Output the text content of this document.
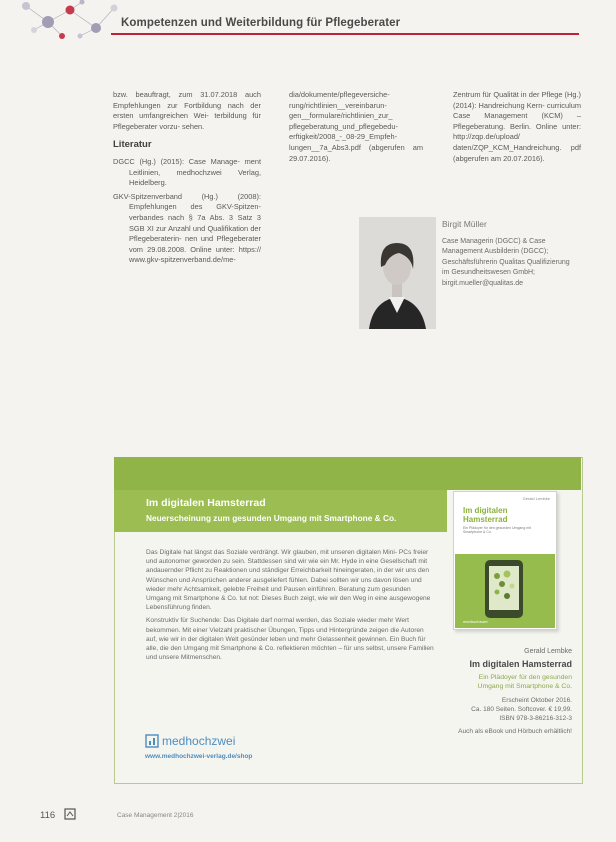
Kompetenzen und Weiterbildung für Pflegeberater

bzw. beauftragt, zum 31.07.2018 auch Empfehlungen zur Fortbildung nach der ersten umfangreichen Wei- terbildung für Pflegeberater vorzu- sehen.

Literatur

DGCC (Hg.) (2015): Case Manage- ment Leitlinien, medhochzwei Verlag, Heidelberg.

GKV-Spitzenverband (Hg.) (2008): Empfehlungen des GKV-Spitzen- verbandes nach § 7a Abs. 3 Satz 3 SGB XI zur Anzahl und Qualifikation der Pflegeberaterin- nen und Pflegeberater vom 29.08.2008. Online unter: https:// www.gkv-spitzenverband.de/me-

dia/dokumente/pflegeversiche- rung/richtlinien__vereinbarun- gen__formulare/richtlinien_zur_ pflegeberatung_und_pflegebedu- erftigkeit/2008_-_08-29_Empfeh- lungen__7a_Abs3.pdf (abgerufen am 29.07.2016).
Zentrum für Qualität in der Pflege (Hg.) (2014): Handreichung Kern- curriculum Case Management (KCM) – Pflegeberatung. Berlin. Online unter: http://zqp.de/upload/ daten/ZQP_KCM_Handreichung. pdf (abgerufen am 20.07.2016).
Birgit Müller
Case Managerin (DGCC) & Case
Management Ausbilderin (DGCC);
Geschäftsführerin Qualitas Qualifizierung
im Gesundheitswesen GmbH;
birgit.mueller@qualitas.de
Im digitalen Hamsterrad
Neuerscheinung zum gesunden Umgang mit Smartphone & Co.

Das Digitale hat längst das Soziale verdrängt. Wir glauben, mit unseren digitalen Mini- PCs freier und autonomer geworden zu sein. Stattdessen sind wir wie ein Mr. Hyde in eine Gesellschaft mit andauernder Pflicht zu Reaktionen und ständiger Erreichbarkeit hineingeraten, in der wir uns den Wünschen und Ansprüchen anderer ausgeliefert fühlen. Dabei sollten wir uns davon lösen und wieder mehr Achtsamkeit, gelebte Freiheit und Pausen einführen. Beratung zum gesunden Umgang mit Smartphone & Co. tut not: Dieses Buch zeigt, wie wir den Weg in eine ausgewogene Lebensführung finden.

Konstruktiv für Suchende: Das Digitale darf normal werden, das Soziale wieder mehr Wert bekommen. Mit einer Vielzahl praktischer Übungen, Tipps und Hintergründe zeigen die Autoren auf, wie wir in der digitalen Welt gesünder leben und mehr Gelassenheit gewinnen. Ein Buch für alle, die den Umgang mit Smartphone & Co. reflektieren möchten – für uns selbst, unsere Familien und unsere Mitmenschen.

Gerald Lembke
Im digitalen
Hamsterrad
Ein Plädoyer für den gesunden Umgang mit Smartphone & Co.
medhochzwei
Gerald Lembke
Im digitalen Hamsterrad
Ein Plädoyer für den gesunden
Umgang mit Smartphone & Co.
Erscheint Oktober 2016.
Ca. 180 Seiten. Softcover. € 19,99.
ISBN 978-3-86216-312-3
Auch als eBook und Hörbuch erhältlich!
medhochzwei
www.medhochzwei-verlag.de/shop
116	Case Management 2|2016
